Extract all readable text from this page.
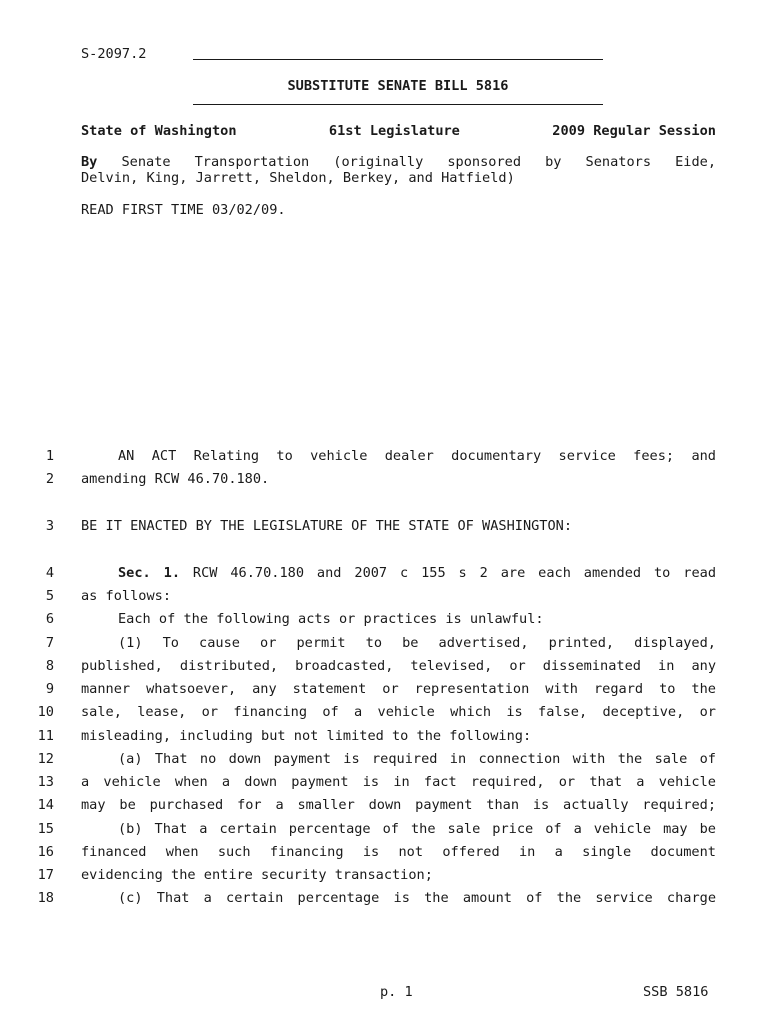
S-2097.2
SUBSTITUTE SENATE BILL 5816
State of Washington	61st Legislature	2009 Regular Session
By Senate Transportation (originally sponsored by Senators Eide,
Delvin, King, Jarrett, Sheldon, Berkey, and Hatfield)
READ FIRST TIME 03/02/09.
1	AN ACT Relating to vehicle dealer documentary service fees; and
2 amending RCW 46.70.180.
3 BE IT ENACTED BY THE LEGISLATURE OF THE STATE OF WASHINGTON:
4	Sec. 1. RCW 46.70.180 and 2007 c 155 s 2 are each amended to read
5 as follows:
6	Each of the following acts or practices is unlawful:
7	(1) To cause or permit to be advertised, printed, displayed,
8 published, distributed, broadcasted, televised, or disseminated in any
9 manner whatsoever, any statement or representation with regard to the
10 sale, lease, or financing of a vehicle which is false, deceptive, or
11 misleading, including but not limited to the following:
12	(a) That no down payment is required in connection with the sale of
13 a vehicle when a down payment is in fact required, or that a vehicle
14 may be purchased for a smaller down payment than is actually required;
15	(b) That a certain percentage of the sale price of a vehicle may be
16 financed when such financing is not offered in a single document
17 evidencing the entire security transaction;
18	(c) That a certain percentage is the amount of the service charge
p. 1	SSB 5816
